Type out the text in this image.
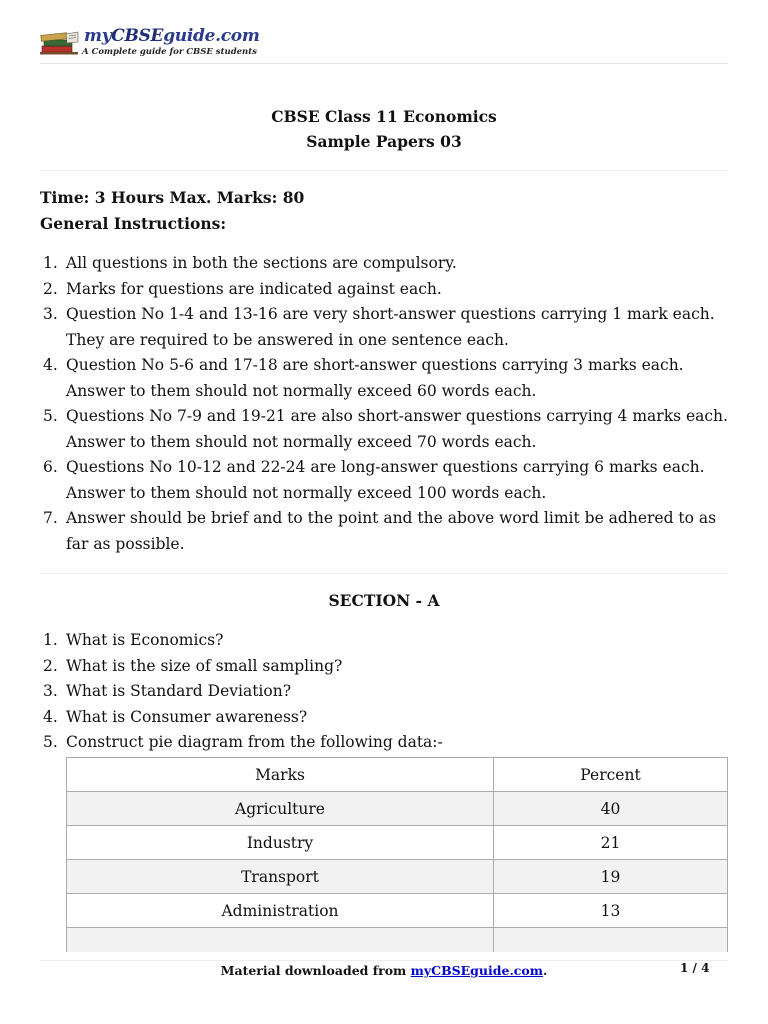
myCBSEguide.com
A Complete guide for CBSE students
CBSE Class 11 Economics
Sample Papers 03
Time: 3 Hours Max. Marks: 80
General Instructions:
1. All questions in both the sections are compulsory.
2. Marks for questions are indicated against each.
3. Question No 1-4 and 13-16 are very short-answer questions carrying 1 mark each. They are required to be answered in one sentence each.
4. Question No 5-6 and 17-18 are short-answer questions carrying 3 marks each. Answer to them should not normally exceed 60 words each.
5. Questions No 7-9 and 19-21 are also short-answer questions carrying 4 marks each. Answer to them should not normally exceed 70 words each.
6. Questions No 10-12 and 22-24 are long-answer questions carrying 6 marks each. Answer to them should not normally exceed 100 words each.
7. Answer should be brief and to the point and the above word limit be adhered to as far as possible.
SECTION - A
1. What is Economics?
2. What is the size of small sampling?
3. What is Standard Deviation?
4. What is Consumer awareness?
5. Construct pie diagram from the following data:-
Marks	Percent
Agriculture	40
Industry	21
Transport	19
Administration	13

Material downloaded from myCBSEguide.com.	1 / 4
